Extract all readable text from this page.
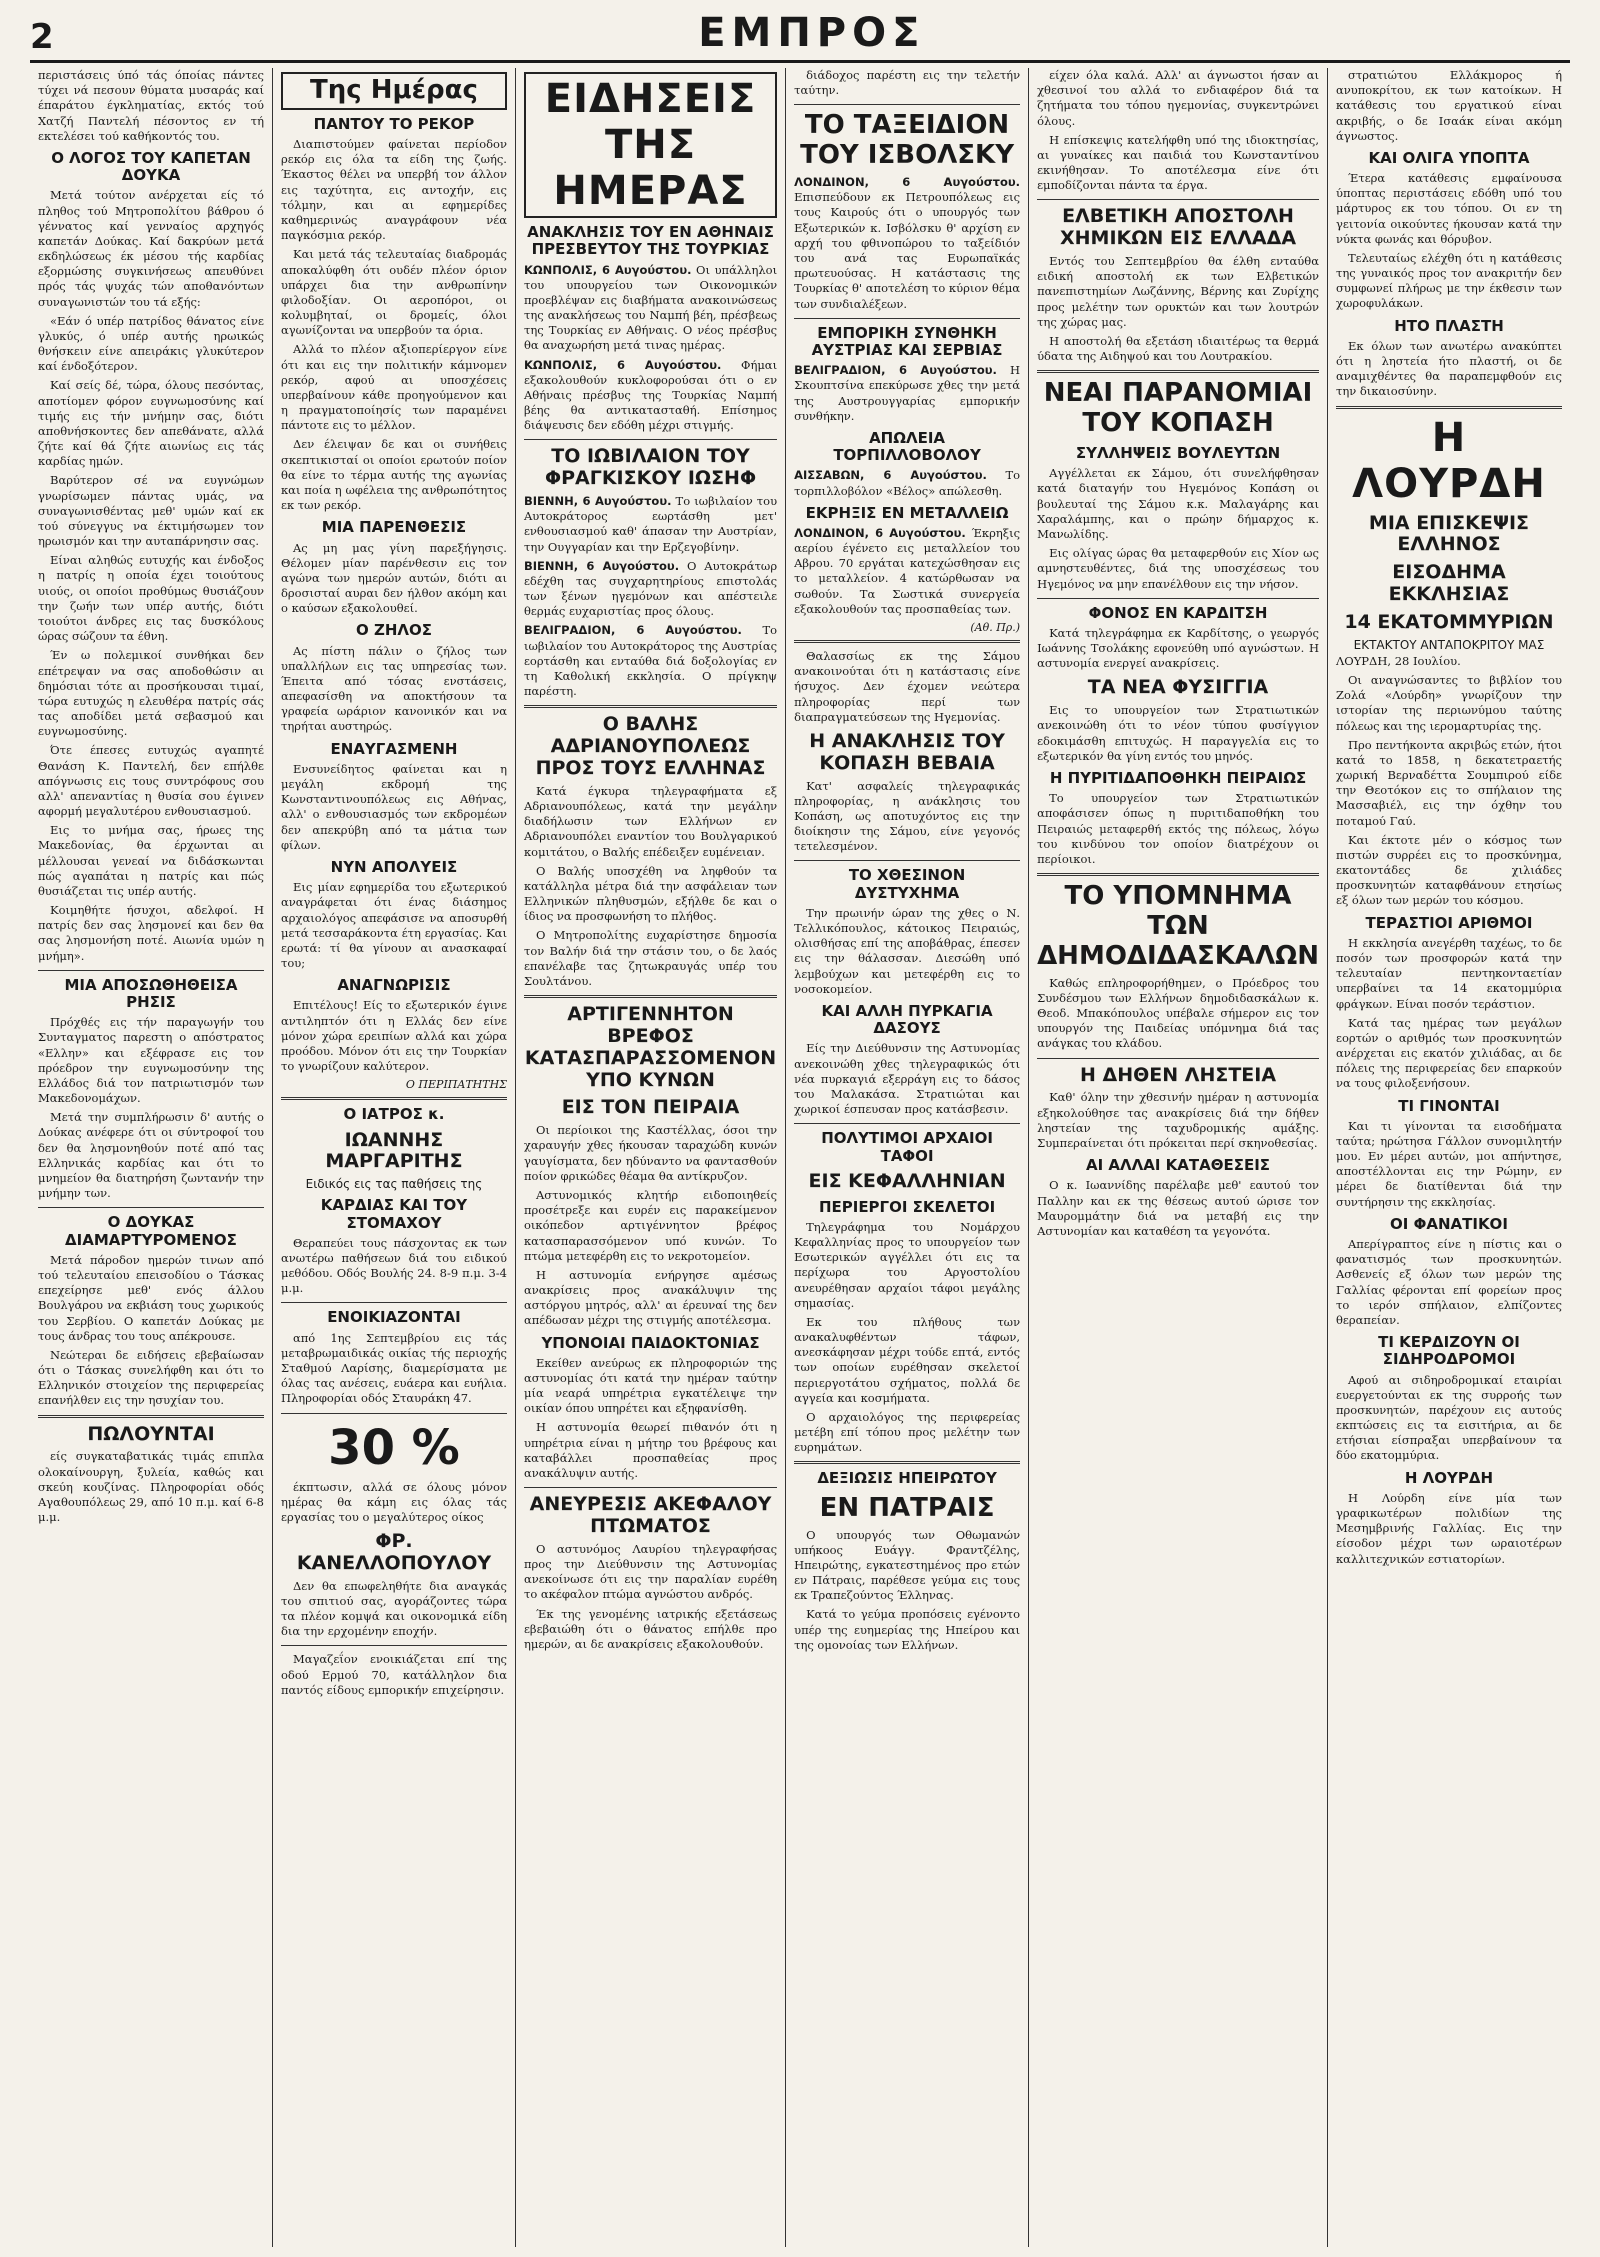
2	ΕΜΠΡΟΣ

περιστάσεις ύπό τάς όποίας πάντες τύχει νά πεσουν θύματα μυσαράς καί έπαράτου έγκληματίας, εκτός τού Χατζή Παντελή πέσοντος εν τή εκτελέσει τού καθήκοντός του.

Ο ΛΟΓΟΣ ΤΟΥ ΚΑΠΕΤΑΝ ΔΟΥΚΑ

Μετά τούτον ανέρχεται είς τό πληθος τού Μητροπολίτου βάθρου ό γέννατος καί γενναίος αρχηγός καπετάν Δούκας. Καί δακρύων μετά εκδηλώσεως έκ μέσου τής καρδίας εξορμώσης συγκινήσεως απευθύνει πρός τάς ψυχάς τών αποθανόντων συναγωνιστών του τά εξής:

«Εάν ό υπέρ πατρίδος θάνατος είνε γλυκύς, ό υπέρ αυτής ηρωικώς θνήσκειν είνε απειράκις γλυκύτερον καί ένδοξότερον.

Καί σείς δέ, τώρα, όλους πεσόντας, αποτίομεν φόρον ευγνωμοσύνης καί τιμής εις τήν μνήμην σας, διότι αποθνήσκοντες δεν απεθάνατε, αλλά ζήτε καί θά ζήτε αιωνίως εις τάς καρδίας ημών.

Βαρύτερον σέ να ευγνώμων γνωρίσωμεν πάντας υμάς, να συναγωνισθέντας μεθ' υμών καί εκ τού σύνεγγυς να έκτιμήσωμεν τον ηρωισμόν και την αυταπάρνησιν σας.

Είναι αληθώς ευτυχής και ένδοξος η πατρίς η οποία έχει τοιούτους υιούς, οι οποίοι προθύμως θυσιάζουν την ζωήν των υπέρ αυτής, διότι τοιούτοι άνδρες εις τας δυσκόλους ώρας σώζουν τα έθνη.

Έν ω πολεμικοί συνθήκαι δεν επέτρεψαν να σας αποδοθώσιν αι δημόσιαι τότε αι προσήκουσαι τιμαί, τώρα ευτυχώς η ελευθέρα πατρίς σάς τας αποδίδει μετά σεβασμού και ευγνωμοσύνης.

Ότε έπεσες ευτυχώς αγαπητέ Θανάση Κ. Παντελή, δεν επήλθε απόγνωσις εις τους συντρόφους σου αλλ' απεναντίας η θυσία σου έγινεν αφορμή μεγαλυτέρου ενθουσιασμού.

Εις το μνήμα σας, ήρωες της Μακεδονίας, θα έρχωνται αι μέλλουσαι γενεαί να διδάσκωνται πώς αγαπάται η πατρίς και πώς θυσιάζεται τις υπέρ αυτής.

Κοιμηθήτε ήσυχοι, αδελφοί. Η πατρίς δεν σας λησμονεί και δεν θα σας λησμονήση ποτέ. Αιωνία υμών η μνήμη».

ΜΙΑ ΑΠΟΣΩΘΗΘΕΙΣΑ ΡΗΣΙΣ

Πρόχθές εις τήν παραγωγήν του Συνταγματος παρεστη ο απόστρατος «Ελλην» και εξέφρασε εις τον πρόεδρον την ευγνωμοσύνην της Ελλάδος διά τον πατριωτισμόν των Μακεδονομάχων.

Μετά την συμπλήρωσιν δ' αυτής ο Δούκας ανέφερε ότι οι σύντροφοί του δεν θα λησμονηθούν ποτέ από τας Ελληνικάς καρδίας και ότι το μνημείον θα διατηρήση ζωντανήν την μνήμην των.

Ο ΔΟΥΚΑΣ ΔΙΑΜΑΡΤΥΡΟΜΕΝΟΣ

Μετά πάροδον ημερών τινων από τού τελευταίου επεισοδίου ο Τάσκας επεχείρησε μεθ' ενός άλλου Βουλγάρου να εκβιάση τους χωρικούς του Σερβίου. Ο καπετάν Δούκας με τους άνδρας του τους απέκρουσε.

Νεώτεραι δε ειδήσεις εβεβαίωσαν ότι ο Τάσκας συνελήφθη και ότι το Ελληνικόν στοιχείον της περιφερείας επανήλθεν εις την ησυχίαν του.

ΠΩΛΟΥΝΤΑΙ

είς συγκαταβατικάς τιμάς επιπλα ολοκαίνουργη, ξυλεία, καθώς και σκεύη κουζίνας. Πληροφορίαι οδός Αγαθουπόλεως 29, από 10 π.μ. καί 6-8 μ.μ.

Της Ημέρας
ΠΑΝΤΟΥ ΤΟ ΡΕΚΟΡ

Διαπιστούμεν φαίνεται περίοδον ρεκόρ εις όλα τα είδη της ζωής. Έκαστος θέλει να υπερβή τον άλλον εις ταχύτητα, εις αντοχήν, εις τόλμην, και αι εφημερίδες καθημερινώς αναγράφουν νέα παγκόσμια ρεκόρ.

Και μετά τάς τελευταίας διαδρομάς αποκαλύφθη ότι ουδέν πλέον όριον υπάρχει δια την ανθρωπίνην φιλοδοξίαν. Οι αεροπόροι, οι κολυμβηταί, οι δρομείς, όλοι αγωνίζονται να υπερβούν τα όρια.

Αλλά το πλέον αξιοπερίεργον είνε ότι και εις την πολιτικήν κάμνομεν ρεκόρ, αφού αι υποσχέσεις υπερβαίνουν κάθε προηγούμενον και η πραγματοποίησίς των παραμένει πάντοτε εις το μέλλον.

Δεν έλειψαν δε και οι συνήθεις σκεπτικισταί οι οποίοι ερωτούν ποίον θα είνε το τέρμα αυτής της αγωνίας και ποία η ωφέλεια της ανθρωπότητος εκ των ρεκόρ.

ΜΙΑ ΠΑΡΕΝΘΕΣΙΣ

Ας μη μας γίνη παρεξήγησις. Θέλομεν μίαν παρένθεσιν εις τον αγώνα των ημερών αυτών, διότι αι δροσισταί αυραι δεν ήλθον ακόμη και ο καύσων εξακολουθεί.

Ο ΖΗΛΟΣ

Ας πίστη πάλιν ο ζήλος των υπαλλήλων εις τας υπηρεσίας των. Έπειτα από τόσας ενστάσεις, απεφασίσθη να αποκτήσουν τα γραφεία ωράριον κανονικόν και να τηρήται αυστηρώς.

ΕΝΑΥΓΑΣΜΕΝΗ

Ενσυνείδητος φαίνεται και η μεγάλη εκδρομή της Κωνσταντινουπόλεως εις Αθήνας, αλλ' ο ενθουσιασμός των εκδρομέων δεν απεκρύβη από τα μάτια των φίλων.

ΝΥΝ ΑΠΟΛΥΕΙΣ

Εις μίαν εφημερίδα του εξωτερικού αναγράφεται ότι ένας διάσημος αρχαιολόγος απεφάσισε να αποσυρθή μετά τεσσαράκοντα έτη εργασίας. Και ερωτά: τί θα γίνουν αι ανασκαφαί του;

ΑΝΑΓΝΩΡΙΣΙΣ

Επιτέλους! Είς το εξωτερικόν έγινε αντιληπτόν ότι η Ελλάς δεν είνε μόνον χώρα ερειπίων αλλά και χώρα προόδου. Μόνον ότι εις την Τουρκίαν το γνωρίζουν καλύτερον.

Ο ΠΕΡΙΠΑΤΗΤΗΣ
Ο ΙΑΤΡΟΣ κ.
ΙΩΑΝΝΗΣ ΜΑΡΓΑΡΙΤΗΣ
Ειδικός εις τας παθήσεις της
ΚΑΡΔΙΑΣ ΚΑΙ ΤΟΥ ΣΤΟΜΑΧΟΥ

Θεραπεύει τους πάσχοντας εκ των ανωτέρω παθήσεων διά του ειδικού μεθόδου. Οδός Βουλής 24. 8-9 π.μ. 3-4 μ.μ.

ΕΝΟΙΚΙΑΖΟΝΤΑΙ

από 1ης Σεπτεμβρίου εις τάς μεταβρωμαιδικάς οικίας τής περιοχής Σταθμού Λαρίσης, διαμερίσματα με όλας τας ανέσεις, ευάερα και ευήλια. Πληροφορίαι οδός Σταυράκη 47.

30 %

έκπτωσιν, αλλά σε όλους μόνον ημέρας θα κάμη εις όλας τάς εργασίας του ο μεγαλύτερος οίκος

ΦΡ. ΚΑΝΕΛΛΟΠΟΥΛΟΥ

Δεν θα επωφεληθήτε δια αναγκάς του σπιτιού σας, αγοράζοντες τώρα τα πλέον κομψά και οικονομικά είδη δια την ερχομένην εποχήν.

Μαγαζεΐον ενοικιάζεται επί της οδού Ερμού 70, κατάλληλον δια παντός είδους εμπορικήν επιχείρησιν.

ΕΙΔΗΣΕΙΣ ΤΗΣ ΗΜΕΡΑΣ
ΑΝΑΚΛΗΣΙΣ ΤΟΥ ΕΝ ΑΘΗΝΑΙΣ ΠΡΕΣΒΕΥΤΟΥ ΤΗΣ ΤΟΥΡΚΙΑΣ

ΚΩΝΠΟΛΙΣ, 6 Αυγούστου. Οι υπάλληλοι του υπουργείου των Οικονομικών προεβλέψαν εις διαβήματα ανακοινώσεως της ανακλήσεως του Ναμπή βέη, πρέσβεως της Τουρκίας εν Αθήναις. Ο νέος πρέσβυς θα αναχωρήση μετά τινας ημέρας.

ΚΩΝΠΟΛΙΣ, 6 Αυγούστου. Φήμαι εξακολουθούν κυκλοφορούσαι ότι ο εν Αθήναις πρέσβυς της Τουρκίας Ναμπή βέης θα αντικατασταθή. Επίσημος διάψευσις δεν εδόθη μέχρι στιγμής.

ΤΟ ΙΩΒΙΛΑΙΟΝ ΤΟΥ ΦΡΑΓΚΙΣΚΟΥ ΙΩΣΗΦ

ΒΙΕΝΝΗ, 6 Αυγούστου. Το ιωβιλαίον του Αυτοκράτορος εωρτάσθη μετ' ενθουσιασμού καθ' άπασαν την Αυστρίαν, την Ουγγαρίαν και την Ερζεγοβίνην.

ΒΙΕΝΝΗ, 6 Αυγούστου. Ο Αυτοκράτωρ εδέχθη τας συγχαρητηρίους επιστολάς των ξένων ηγεμόνων και απέστειλε θερμάς ευχαριστίας προς όλους.

ΒΕΛΙΓΡΑΔΙΟΝ, 6 Αυγούστου. Το ιωβιλαίον του Αυτοκράτορος της Αυστρίας εορτάσθη και ενταύθα διά δοξολογίας εν τη Καθολική εκκλησία. Ο πρίγκηψ παρέστη.

Ο ΒΑΛΗΣ ΑΔΡΙΑΝΟΥΠΟΛΕΩΣ ΠΡΟΣ ΤΟΥΣ ΕΛΛΗΝΑΣ

Κατά έγκυρα τηλεγραφήματα εξ Αδριανουπόλεως, κατά την μεγάλην διαδήλωσιν των Ελλήνων εν Αδριανουπόλει εναντίον του Βουλγαρικού κομιτάτου, ο Βαλής επέδειξεν ευμένειαν.

Ο Βαλής υποσχέθη να ληφθούν τα κατάλληλα μέτρα διά την ασφάλειαν των Ελληνικών πληθυσμών, εξήλθε δε και ο ίδιος να προσφωνήση το πλήθος.

Ο Μητροπολίτης ευχαρίστησε δημοσία τον Βαλήν διά την στάσιν του, ο δε λαός επανέλαβε τας ζητωκραυγάς υπέρ του Σουλτάνου.

ΑΡΤΙΓΕΝΝΗΤΟΝ ΒΡΕΦΟΣ ΚΑΤΑΣΠΑΡΑΣΣΟΜΕΝΟΝ ΥΠΟ ΚΥΝΩΝ
ΕΙΣ ΤΟΝ ΠΕΙΡΑΙΑ

Οι περίοικοι της Καστέλλας, όσοι την χαραυγήν χθες ήκουσαν ταραχώδη κυνών γαυγίσματα, δεν ηδύναντο να φαντασθούν ποίον φρικώδες θέαμα θα αντίκρυζον.

Αστυνομικός κλητήρ ειδοποιηθείς προσέτρεξε και ευρέν εις παρακείμενον οικόπεδον αρτιγέννητον βρέφος κατασπαρασσόμενον υπό κυνών. Το πτώμα μετεφέρθη εις το νεκροτομείον.

Η αστυνομία ενήργησε αμέσως ανακρίσεις προς ανακάλυψιν της αστόργου μητρός, αλλ' αι έρευναί της δεν απέδωσαν μέχρι της στιγμής αποτέλεσμα.

ΥΠΟΝΟΙΑΙ ΠΑΙΔΟΚΤΟΝΙΑΣ

Εκείθεν ανεύρως εκ πληροφοριών της αστυνομίας ότι κατά την ημέραν ταύτην μία νεαρά υπηρέτρια εγκατέλειψε την οικίαν όπου υπηρέτει και εξηφανίσθη.

Η αστυνομία θεωρεί πιθανόν ότι η υπηρέτρια είναι η μήτηρ του βρέφους και καταβάλλει προσπαθείας προς ανακάλυψιν αυτής.

ΑΝΕΥΡΕΣΙΣ ΑΚΕΦΑΛΟΥ ΠΤΩΜΑΤΟΣ

Ο αστυνόμος Λαυρίου τηλεγραφήσας προς την Διεύθυνσιν της Αστυνομίας ανεκοίνωσε ότι εις την παραλίαν ευρέθη το ακέφαλον πτώμα αγνώστου ανδρός.

Έκ της γενομένης ιατρικής εξετάσεως εβεβαιώθη ότι ο θάνατος επήλθε προ ημερών, αι δε ανακρίσεις εξακολουθούν.

διάδοχος παρέστη εις την τελετήν ταύτην.

ΤΟ ΤΑΞΕΙΔΙΟΝ ΤΟΥ ΙΣΒΟΛΣΚΥ

ΛΟΝΔΙΝΟΝ, 6 Αυγούστου. Επισπεύδουν εκ Πετρουπόλεως εις τους Καιρούς ότι ο υπουργός των Εξωτερικών κ. Ισβόλσκυ θ' αρχίση εν αρχή του φθινοπώρου το ταξείδιόν του ανά τας Ευρωπαϊκάς πρωτευούσας. Η κατάστασις της Τουρκίας θ' αποτελέση το κύριον θέμα των συνδιαλέξεων.

ΕΜΠΟΡΙΚΗ ΣΥΝΘΗΚΗ ΑΥΣΤΡΙΑΣ ΚΑΙ ΣΕΡΒΙΑΣ

ΒΕΛΙΓΡΑΔΙΟΝ, 6 Αυγούστου. Η Σκουπτσίνα επεκύρωσε χθες την μετά της Αυστρουγγαρίας εμπορικήν συνθήκην.

ΑΠΩΛΕΙΑ ΤΟΡΠΙΛΛΟΒΟΛΟΥ

ΑΙΣΣΑΒΩΝ, 6 Αυγούστου. Το τορπιλλοβόλον «Βέλος» απώλεσθη.

ΕΚΡΗΞΙΣ ΕΝ ΜΕΤΑΛΛΕΙΩ

ΛΟΝΔΙΝΟΝ, 6 Αυγούστου. Έκρηξις αερίου έγένετο εις μεταλλείον του Αβρου. 70 εργάται κατεχώσθησαν εις το μεταλλείον. 4 κατώρθωσαν να σωθούν. Τα Σωστικά συνεργεία εξακολουθούν τας προσπαθείας των.

(Αθ. Πρ.)

Θαλασσίως εκ της Σάμου ανακοινούται ότι η κατάστασις είνε ήσυχος. Δεν έχομεν νεώτερα πληροφορίας περί των διαπραγματεύσεων της Ηγεμονίας.

Η ΑΝΑΚΛΗΣΙΣ ΤΟΥ ΚΟΠΑΣΗ ΒΕΒΑΙΑ

Κατ' ασφαλείς τηλεγραφικάς πληροφορίας, η ανάκλησις του Κοπάση, ως αποτυχόντος εις την διοίκησιν της Σάμου, είνε γεγονός τετελεσμένον.

ΤΟ ΧΘΕΣΙΝΟΝ ΔΥΣΤΥΧΗΜΑ

Την πρωινήν ώραν της χθες ο Ν. Τελλικόπουλος, κάτοικος Πειραιώς, ολισθήσας επί της αποβάθρας, έπεσεν εις την θάλασσαν. Διεσώθη υπό λεμβούχων και μετεφέρθη εις το νοσοκομείον.

ΚΑΙ ΑΛΛΗ ΠΥΡΚΑΓΙΑ ΔΑΣΟΥΣ

Είς την Διεύθυνσιν της Αστυνομίας ανεκοινώθη χθες τηλεγραφικώς ότι νέα πυρκαγιά εξερράγη εις το δάσος του Μαλακάσα. Στρατιώται και χωρικοί έσπευσαν προς κατάσβεσιν.

ΠΟΛΥΤΙΜΟΙ ΑΡΧΑΙΟΙ ΤΑΦΟΙ
ΕΙΣ ΚΕΦΑΛΛΗΝΙΑΝ
ΠΕΡΙΕΡΓΟΙ ΣΚΕΛΕΤΟΙ

Τηλεγράφημα του Νομάρχου Κεφαλληνίας προς το υπουργείον των Εσωτερικών αγγέλλει ότι εις τα περίχωρα του Αργοστολίου ανευρέθησαν αρχαίοι τάφοι μεγάλης σημασίας.

Εκ του πλήθους των ανακαλυφθέντων τάφων, ανεσκάφησαν μέχρι τούδε επτά, εντός των οποίων ευρέθησαν σκελετοί περιεργοτάτου σχήματος, πολλά δε αγγεία και κοσμήματα.

Ο αρχαιολόγος της περιφερείας μετέβη επί τόπου προς μελέτην των ευρημάτων.

ΔΕΞΙΩΣΙΣ ΗΠΕΙΡΩΤΟΥ
ΕΝ ΠΑΤΡΑΙΣ

Ο υπουργός των Οθωμανών υπήκοος Ευάγγ. Φραντζέλης, Ηπειρώτης, εγκατεστημένος προ ετών εν Πάτραις, παρέθεσε γεύμα εις τους εκ Τραπεζούντος Έλληνας.

Κατά το γεύμα προπόσεις εγένοντο υπέρ της ευημερίας της Ηπείρου και της ομονοίας των Ελλήνων.

είχεν όλα καλά. Αλλ' αι άγνωστοι ήσαν αι χθεσινοί του αλλά το ενδιαφέρον διά τα ζητήματα του τόπου ηγεμονίας, συγκεντρώνει όλους.

Η επίσκεψις κατελήφθη υπό της ιδιοκτησίας, αι γυναίκες και παιδιά του Κωνσταντίνου εκινήθησαν. Το αποτέλεσμα είνε ότι εμποδίζονται πάντα τα έργα.

ΕΛΒΕΤΙΚΗ ΑΠΟΣΤΟΛΗ ΧΗΜΙΚΩΝ ΕΙΣ ΕΛΛΑΔΑ

Εντός του Σεπτεμβρίου θα έλθη ενταύθα ειδική αποστολή εκ των Ελβετικών πανεπιστημίων Λωζάννης, Βέρνης και Ζυρίχης προς μελέτην των ορυκτών και των λουτρών της χώρας μας.

Η αποστολή θα εξετάση ιδιαιτέρως τα θερμά ύδατα της Αιδηψού και του Λουτρακίου.

ΝΕΑΙ ΠΑΡΑΝΟΜΙΑΙ ΤΟΥ ΚΟΠΑΣΗ
ΣΥΛΛΗΨΕΙΣ ΒΟΥΛΕΥΤΩΝ

Αγγέλλεται εκ Σάμου, ότι συνελήφθησαν κατά διαταγήν του Ηγεμόνος Κοπάση οι βουλευταί της Σάμου κ.κ. Μαλαγάρης και Χαραλάμπης, και ο πρώην δήμαρχος κ. Μανωλίδης.

Εις ολίγας ώρας θα μεταφερθούν εις Χίον ως αμνηστευθέντες, διά της υποσχέσεως του Ηγεμόνος να μην επανέλθουν εις την νήσον.

ΦΟΝΟΣ ΕΝ ΚΑΡΔΙΤΣΗ

Κατά τηλεγράφημα εκ Καρδίτσης, ο γεωργός Ιωάννης Τσολάκης εφονεύθη υπό αγνώστων. Η αστυνομία ενεργεί ανακρίσεις.

ΤΑ ΝΕΑ ΦΥΣΙΓΓΙΑ

Εις το υπουργείον των Στρατιωτικών ανεκοινώθη ότι το νέον τύπου φυσίγγιον εδοκιμάσθη επιτυχώς. Η παραγγελία εις το εξωτερικόν θα γίνη εντός του μηνός.

Η ΠΥΡΙΤΙΔΑΠΟΘΗΚΗ ΠΕΙΡΑΙΩΣ

Το υπουργείον των Στρατιωτικών αποφάσισεν όπως η πυριτιδαποθήκη του Πειραιώς μεταφερθή εκτός της πόλεως, λόγω του κινδύνου τον οποίον διατρέχουν οι περίοικοι.

ΤΟ ΥΠΟΜΝΗΜΑ ΤΩΝ ΔΗΜΟΔΙΔΑΣΚΑΛΩΝ

Καθώς επληροφορήθημεν, ο Πρόεδρος του Συνδέσμου των Ελλήνων δημοδιδασκάλων κ. Θεοδ. Μπακόπουλος υπέβαλε σήμερον εις τον υπουργόν της Παιδείας υπόμνημα διά τας ανάγκας του κλάδου.

Η ΔΗΘΕΝ ΛΗΣΤΕΙΑ

Καθ' όλην την χθεσινήν ημέραν η αστυνομία εξηκολούθησε τας ανακρίσεις διά την δήθεν ληστείαν της ταχυδρομικής αμάξης. Συμπεραίνεται ότι πρόκειται περί σκηνοθεσίας.

ΑΙ ΑΛΛΑΙ ΚΑΤΑΘΕΣΕΙΣ

Ο κ. Ιωαννίδης παρέλαβε μεθ' εαυτού τον Παλλην και εκ της θέσεως αυτού ώρισε τον Μαυρομμάτην διά να μεταβή εις την Αστυνομίαν και καταθέση τα γεγονότα.

στρατιώτου Ελλάκμορος ή ανυποκρίτου, εκ των κατοίκων. Η κατάθεσις του εργατικού είναι ακριβής, ο δε Ισαάκ είναι ακόμη άγνωστος.

ΚΑΙ ΟΛΙΓΑ ΥΠΟΠΤΑ

Έτερα κατάθεσις εμφαίνουσα ύποπτας περιστάσεις εδόθη υπό του μάρτυρος εκ του τόπου. Οι εν τη γειτονία οικούντες ήκουσαν κατά την νύκτα φωνάς και θόρυβον.

Τελευταίως ελέχθη ότι η κατάθεσις της γυναικός προς τον ανακριτήν δεν συμφωνεί πλήρως με την έκθεσιν των χωροφυλάκων.

ΗΤΟ ΠΛΑΣΤΗ

Εκ όλων των ανωτέρω ανακύπτει ότι η ληστεία ήτο πλαστή, οι δε αναμιχθέντες θα παραπεμφθούν εις την δικαιοσύνην.

Η ΛΟΥΡΔΗ
ΜΙΑ ΕΠΙΣΚΕΨΙΣ ΕΛΛΗΝΟΣ
ΕΙΣΟΔΗΜΑ ΕΚΚΛΗΣΙΑΣ
14 ΕΚΑΤΟΜΜΥΡΙΩΝ
ΕΚΤΑΚΤΟΥ ΑΝΤΑΠΟΚΡΙΤΟΥ ΜΑΣ

ΛΟΥΡΔΗ, 28 Ιουλίου.

Οι αναγνώσαντες το βιβλίον του Ζολά «Λούρδη» γνωρίζουν την ιστορίαν της περιωνύμου ταύτης πόλεως και της ιερομαρτυρίας της.

Προ πεντήκοντα ακριβώς ετών, ήτοι κατά το 1858, η δεκατετραετής χωρική Βερναδέττα Σουμπιρού είδε την Θεοτόκον εις το σπήλαιον της Μασσαβιέλ, εις την όχθην του ποταμού Γαύ.

Και έκτοτε μέν ο κόσμος των πιστών συρρέει εις το προσκύνημα, εκατοντάδες δε χιλιάδες προσκυνητών καταφθάνουν ετησίως εξ όλων των μερών του κόσμου.

ΤΕΡΑΣΤΙΟΙ ΑΡΙΘΜΟΙ

Η εκκλησία ανεγέρθη ταχέως, το δε ποσόν των προσφορών κατά την τελευταίαν πεντηκονταετίαν υπερβαίνει τα 14 εκατομμύρια φράγκων. Είναι ποσόν τεράστιον.

Κατά τας ημέρας των μεγάλων εορτών ο αριθμός των προσκυνητών ανέρχεται εις εκατόν χιλιάδας, αι δε πόλεις της περιφερείας δεν επαρκούν να τους φιλοξενήσουν.

ΤΙ ΓΙΝΟΝΤΑΙ

Και τι γίνονται τα εισοδήματα ταύτα; ηρώτησα Γάλλον συνομιλητήν μου. Εν μέρει αυτών, μοι απήντησε, αποστέλλονται εις την Ρώμην, εν μέρει δε διατίθενται διά την συντήρησιν της εκκλησίας.

ΟΙ ΦΑΝΑΤΙΚΟΙ

Απερίγραπτος είνε η πίστις και ο φανατισμός των προσκυνητών. Ασθενείς εξ όλων των μερών της Γαλλίας φέρονται επί φορείων προς το ιερόν σπήλαιον, ελπίζοντες θεραπείαν.

ΤΙ ΚΕΡΔΙΖΟΥΝ ΟΙ ΣΙΔΗΡΟΔΡΟΜΟΙ

Αφού αι σιδηροδρομικαί εταιρίαι ευεργετούνται εκ της συρροής των προσκυνητών, παρέχουν εις αυτούς εκπτώσεις εις τα εισιτήρια, αι δε ετήσιαι είσπραξαι υπερβαίνουν τα δύο εκατομμύρια.

Η ΛΟΥΡΔΗ

Η Λούρδη είνε μία των γραφικωτέρων πολιδίων της Μεσημβρινής Γαλλίας. Εις την είσοδον μέχρι των ωραιοτέρων καλλιτεχνικών εστιατορίων.
